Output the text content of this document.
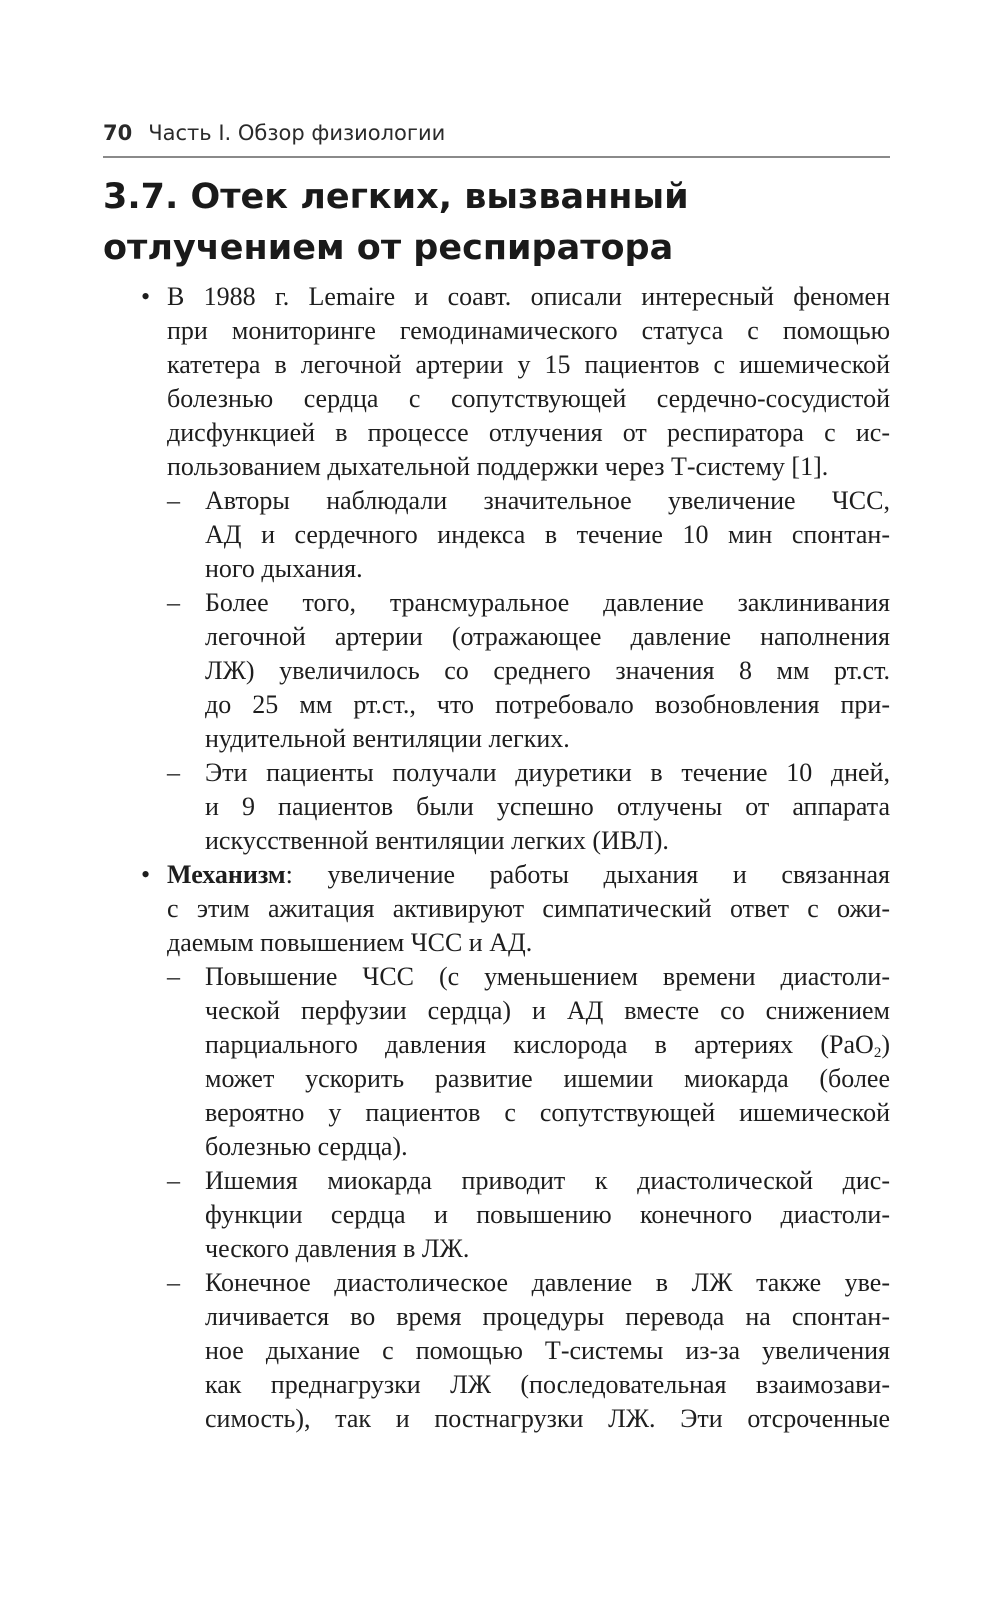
70 Часть I. Обзор физиологии
3.7. Отек легких, вызванный
отлучением от респиратора
• В 1988 г. Lemaire и соавт. описали интересный феномен
при мониторинге гемодинамического статуса с помощью
катетера в легочной артерии у 15 пациентов с ишемической
болезнью сердца с сопутствующей сердечно-сосудистой
дисфункцией в процессе отлучения от респиратора с ис-
пользованием дыхательной поддержки через Т-систему [1].
– Авторы наблюдали значительное увеличение ЧСС,
АД и сердечного индекса в течение 10 мин спонтан-
ного дыхания.
– Более того, трансмуральное давление заклинивания
легочной артерии (отражающее давление наполнения
ЛЖ) увеличилось со среднего значения 8 мм рт.ст.
до 25 мм рт.ст., что потребовало возобновления при-
нудительной вентиляции легких.
– Эти пациенты получали диуретики в течение 10 дней,
и 9 пациентов были успешно отлучены от аппарата
искусственной вентиляции легких (ИВЛ).
• Механизм: увеличение работы дыхания и связанная
с этим ажитация активируют симпатический ответ с ожи-
даемым повышением ЧСС и АД.
– Повышение ЧСС (с уменьшением времени диастоли-
ческой перфузии сердца) и АД вместе со снижением
парциального давления кислорода в артериях (PaO$_2$)
может ускорить развитие ишемии миокарда (более
вероятно у пациентов с сопутствующей ишемической
болезнью сердца).
– Ишемия миокарда приводит к диастолической дис-
функции сердца и повышению конечного диастоли-
ческого давления в ЛЖ.
– Конечное диастолическое давление в ЛЖ также уве-
личивается во время процедуры перевода на спонтан-
ное дыхание с помощью Т-системы из-за увеличения
как преднагрузки ЛЖ (последовательная взаимозави-
симость), так и постнагрузки ЛЖ. Эти отсроченные
